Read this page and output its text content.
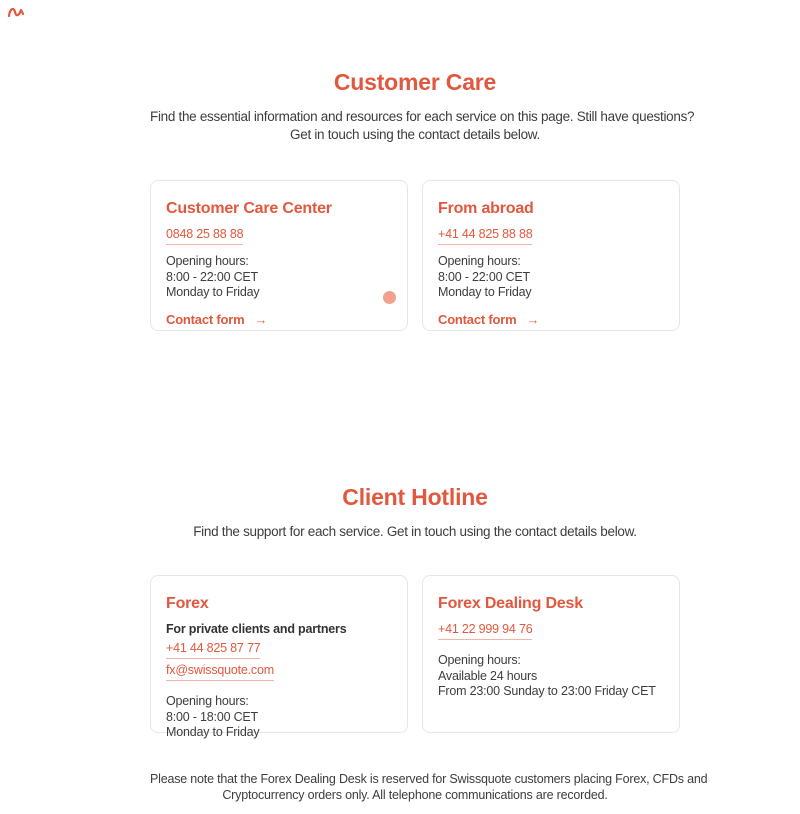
Customer Care
Find the essential information and resources for each service on this page. Still have questions?
Get in touch using the contact details below.
Customer Care Center
0848 25 88 88
Opening hours:
8:00 - 22:00 CET
Monday to Friday
Contact form →
From abroad
+41 44 825 88 88
Opening hours:
8:00 - 22:00 CET
Monday to Friday
Contact form →
Client Hotline
Find the support for each service. Get in touch using the contact details below.
Forex
For private clients and partners
+41 44 825 87 77
fx@swissquote.com
Opening hours:
8:00 - 18:00 CET
Monday to Friday
Forex Dealing Desk
+41 22 999 94 76
Opening hours:
Available 24 hours
From 23:00 Sunday to 23:00 Friday CET
Please note that the Forex Dealing Desk is reserved for Swissquote customers placing Forex, CFDs and
Cryptocurrency orders only. All telephone communications are recorded.
